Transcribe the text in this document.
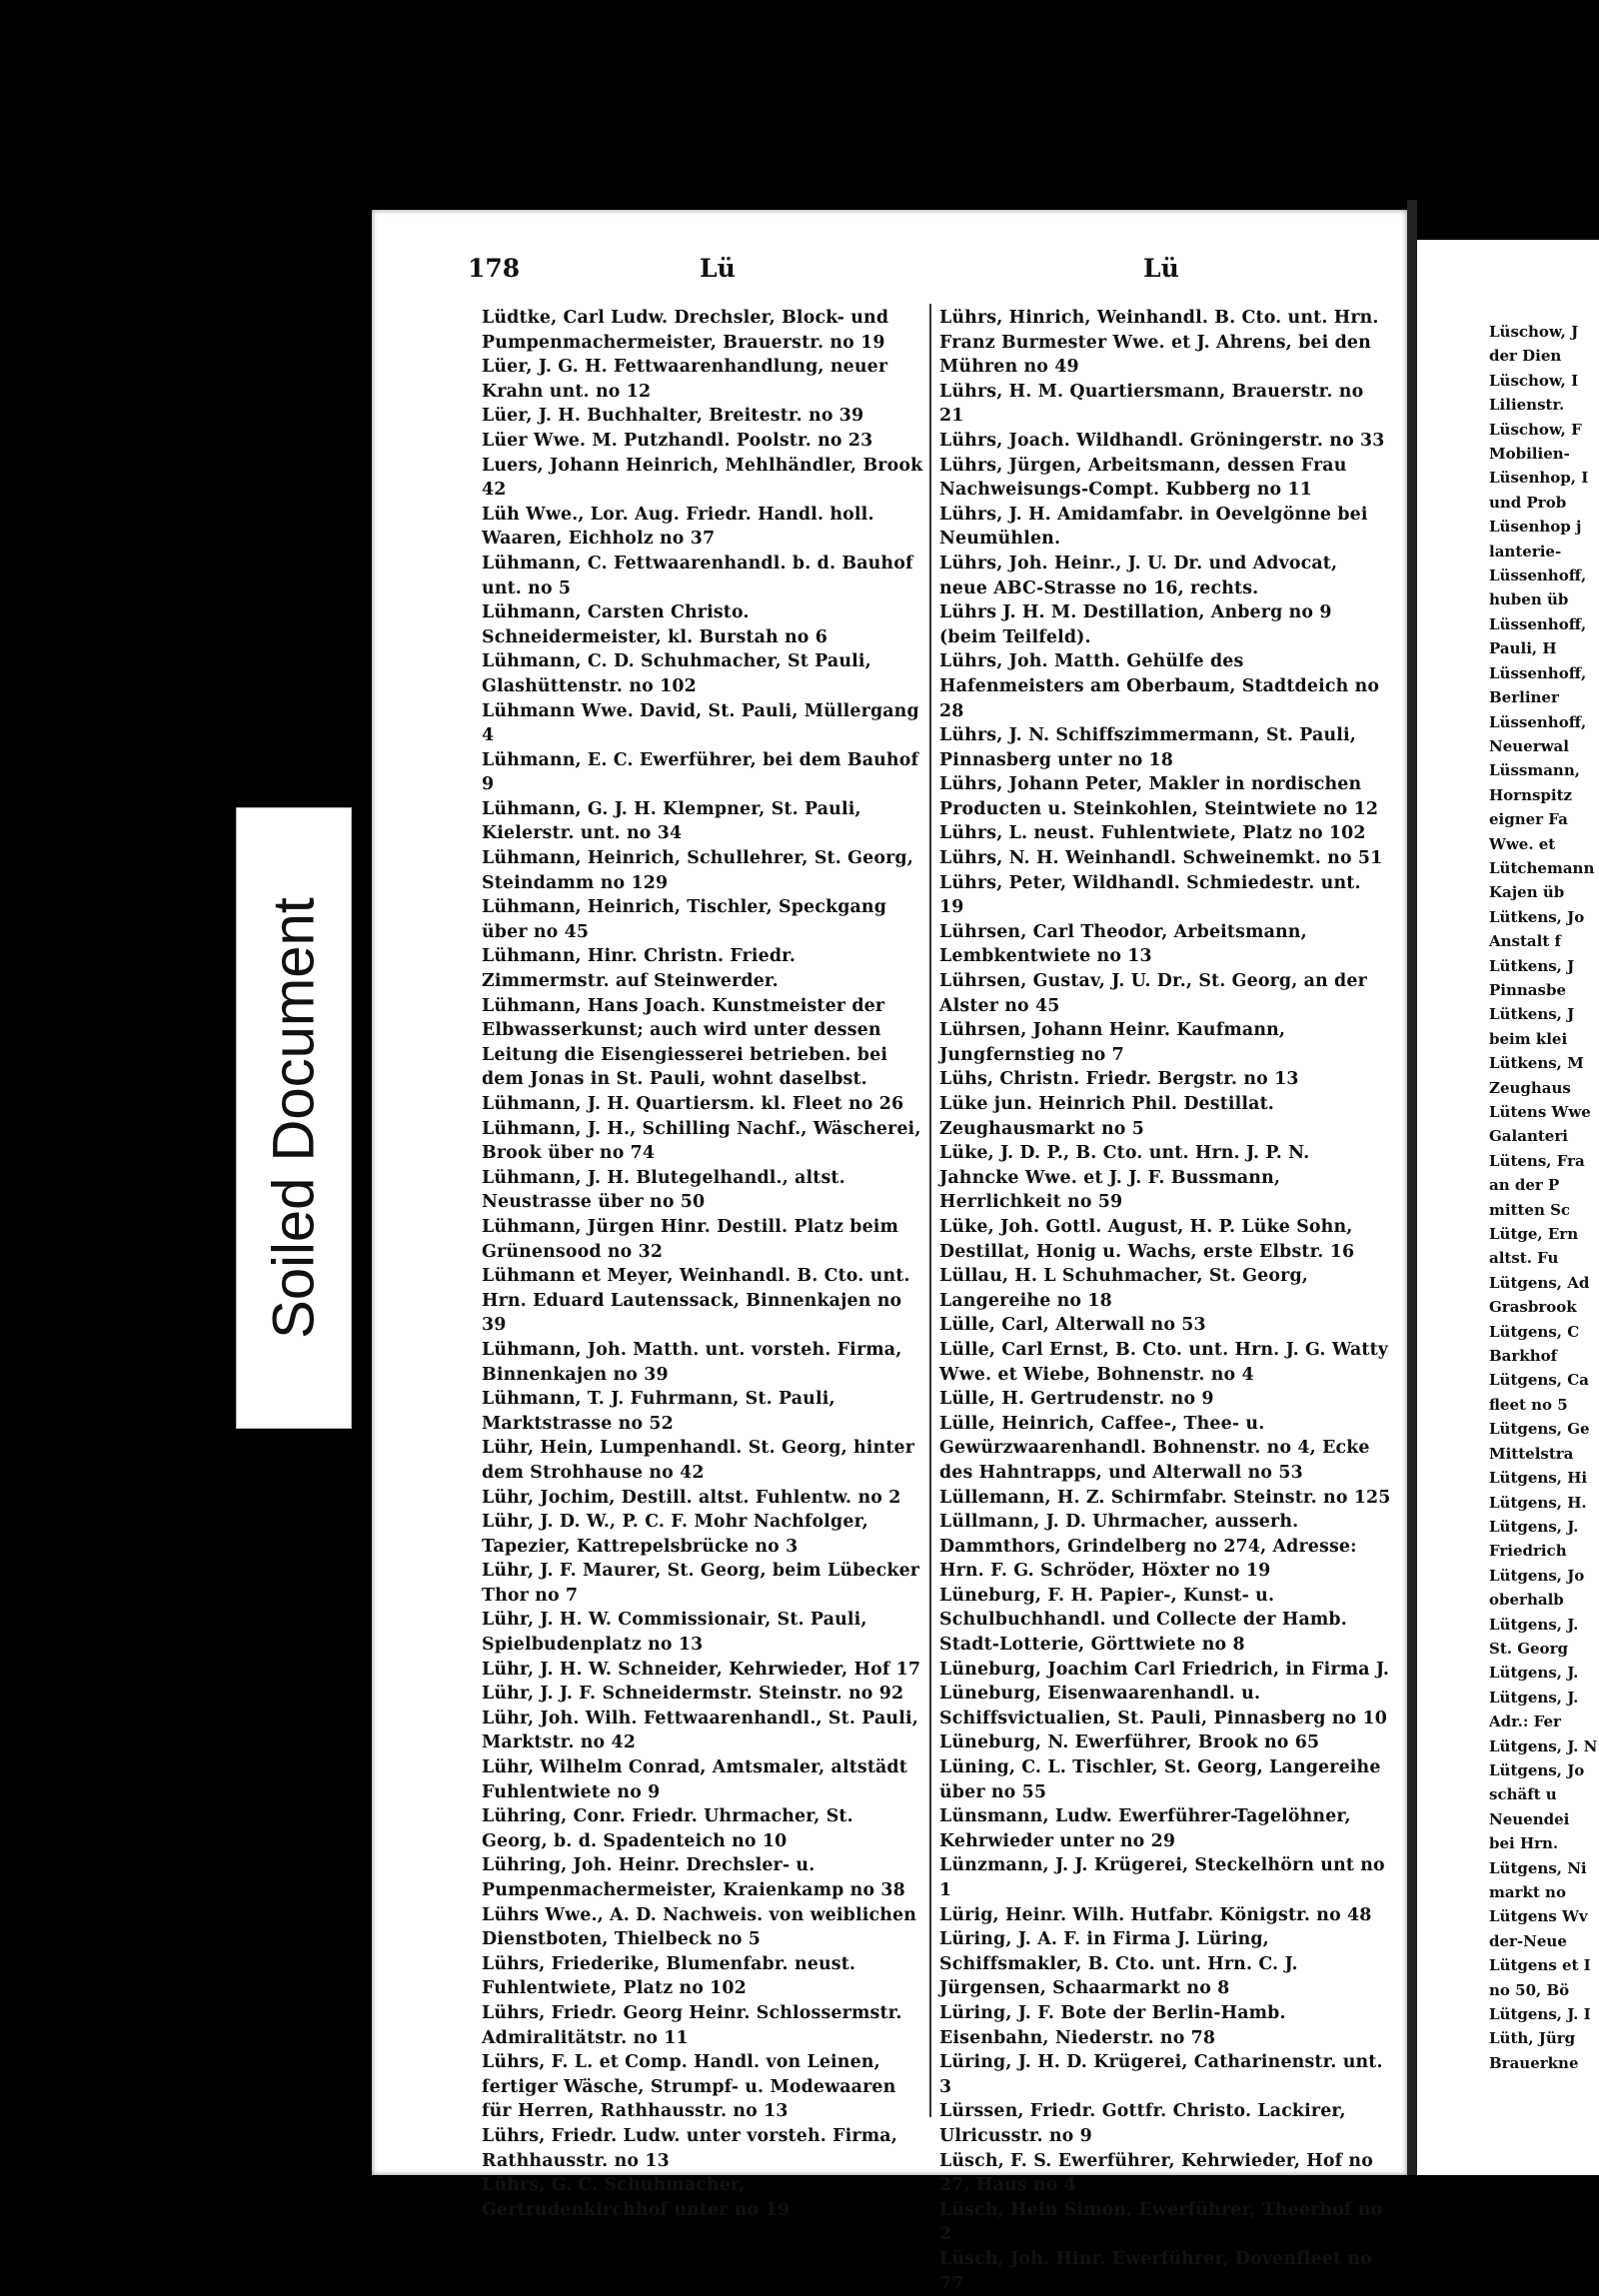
Soiled Document
178	Lü	Lü
Lüdtke, Carl Ludw. Drechsler, Block- und Pumpenmachermeister, Brauerstr. no 19
Lüer, J. G. H. Fettwaarenhandlung, neuer Krahn unt. no 12
Lüer, J. H. Buchhalter, Breitestr. no 39
Lüer Wwe. M. Putzhandl. Poolstr. no 23
Luers, Johann Heinrich, Mehlhändler, Brook 42
Lüh Wwe., Lor. Aug. Friedr. Handl. holl. Waaren, Eichholz no 37
Lühmann, C. Fettwaarenhandl. b. d. Bauhof unt. no 5
Lühmann, Carsten Christo. Schneidermeister, kl. Burstah no 6
Lühmann, C. D. Schuhmacher, St Pauli, Glashüttenstr. no 102
Lühmann Wwe. David, St. Pauli, Müllergang 4
Lühmann, E. C. Ewerführer, bei dem Bauhof 9
Lühmann, G. J. H. Klempner, St. Pauli, Kielerstr. unt. no 34
Lühmann, Heinrich, Schullehrer, St. Georg, Steindamm no 129
Lühmann, Heinrich, Tischler, Speckgang über no 45
Lühmann, Hinr. Christn. Friedr. Zimmermstr. auf Steinwerder.
Lühmann, Hans Joach. Kunstmeister der Elbwasserkunst; auch wird unter dessen Leitung die Eisengiesserei betrieben. bei dem Jonas in St. Pauli, wohnt daselbst.
Lühmann, J. H. Quartiersm. kl. Fleet no 26
Lühmann, J. H., Schilling Nachf., Wäscherei, Brook über no 74
Lühmann, J. H. Blutegelhandl., altst. Neustrasse über no 50
Lühmann, Jürgen Hinr. Destill. Platz beim Grünensood no 32
Lühmann et Meyer, Weinhandl. B. Cto. unt. Hrn. Eduard Lautenssack, Binnenkajen no 39
Lühmann, Joh. Matth. unt. vorsteh. Firma, Binnenkajen no 39
Lühmann, T. J. Fuhrmann, St. Pauli, Marktstrasse no 52
Lühr, Hein, Lumpenhandl. St. Georg, hinter dem Strohhause no 42
Lühr, Jochim, Destill. altst. Fuhlentw. no 2
Lühr, J. D. W., P. C. F. Mohr Nachfolger, Tapezier, Kattrepelsbrücke no 3
Lühr, J. F. Maurer, St. Georg, beim Lübecker Thor no 7
Lühr, J. H. W. Commissionair, St. Pauli, Spielbudenplatz no 13
Lühr, J. H. W. Schneider, Kehrwieder, Hof 17
Lühr, J. J. F. Schneidermstr. Steinstr. no 92
Lühr, Joh. Wilh. Fettwaarenhandl., St. Pauli, Marktstr. no 42
Lühr, Wilhelm Conrad, Amtsmaler, altstädt Fuhlentwiete no 9
Lühring, Conr. Friedr. Uhrmacher, St. Georg, b. d. Spadenteich no 10
Lühring, Joh. Heinr. Drechsler- u. Pumpenmachermeister, Kraienkamp no 38
Lührs Wwe., A. D. Nachweis. von weiblichen Dienstboten, Thielbeck no 5
Lührs, Friederike, Blumenfabr. neust. Fuhlentwiete, Platz no 102
Lührs, Friedr. Georg Heinr. Schlossermstr. Admiralitätstr. no 11
Lührs, F. L. et Comp. Handl. von Leinen, fertiger Wäsche, Strumpf- u. Modewaaren für Herren, Rathhausstr. no 13
Lührs, Friedr. Ludw. unter vorsteh. Firma, Rathhausstr. no 13
Lührs, G. C. Schuhmacher, Gertrudenkirchhof unter no 19
Lührs, Hinrich, Weinhandl. B. Cto. unt. Hrn. Franz Burmester Wwe. et J. Ahrens, bei den Mühren no 49
Lührs, H. M. Quartiersmann, Brauerstr. no 21
Lührs, Joach. Wildhandl. Gröningerstr. no 33
Lührs, Jürgen, Arbeitsmann, dessen Frau Nachweisungs-Compt. Kubberg no 11
Lührs, J. H. Amidamfabr. in Oevelgönne bei Neumühlen.
Lührs, Joh. Heinr., J. U. Dr. und Advocat, neue ABC-Strasse no 16, rechts.
Lührs J. H. M. Destillation, Anberg no 9 (beim Teilfeld).
Lührs, Joh. Matth. Gehülfe des Hafenmeisters am Oberbaum, Stadtdeich no 28
Lührs, J. N. Schiffszimmermann, St. Pauli, Pinnasberg unter no 18
Lührs, Johann Peter, Makler in nordischen Producten u. Steinkohlen, Steintwiete no 12
Lührs, L. neust. Fuhlentwiete, Platz no 102
Lührs, N. H. Weinhandl. Schweinemkt. no 51
Lührs, Peter, Wildhandl. Schmiedestr. unt. 19
Lührsen, Carl Theodor, Arbeitsmann, Lembkentwiete no 13
Lührsen, Gustav, J. U. Dr., St. Georg, an der Alster no 45
Lührsen, Johann Heinr. Kaufmann, Jungfernstieg no 7
Lühs, Christn. Friedr. Bergstr. no 13
Lüke jun. Heinrich Phil. Destillat. Zeughausmarkt no 5
Lüke, J. D. P., B. Cto. unt. Hrn. J. P. N. Jahncke Wwe. et J. J. F. Bussmann, Herrlichkeit no 59
Lüke, Joh. Gottl. August, H. P. Lüke Sohn, Destillat, Honig u. Wachs, erste Elbstr. 16
Lüllau, H. L Schuhmacher, St. Georg, Langereihe no 18
Lülle, Carl, Alterwall no 53
Lülle, Carl Ernst, B. Cto. unt. Hrn. J. G. Watty Wwe. et Wiebe, Bohnenstr. no 4
Lülle, H. Gertrudenstr. no 9
Lülle, Heinrich, Caffee-, Thee- u. Gewürzwaarenhandl. Bohnenstr. no 4, Ecke des Hahntrapps, und Alterwall no 53
Lüllemann, H. Z. Schirmfabr. Steinstr. no 125
Lüllmann, J. D. Uhrmacher, ausserh. Dammthors, Grindelberg no 274, Adresse: Hrn. F. G. Schröder, Höxter no 19
Lüneburg, F. H. Papier-, Kunst- u. Schulbuchhandl. und Collecte der Hamb. Stadt-Lotterie, Görttwiete no 8
Lüneburg, Joachim Carl Friedrich, in Firma J. Lüneburg, Eisenwaarenhandl. u. Schiffsvictualien, St. Pauli, Pinnasberg no 10
Lüneburg, N. Ewerführer, Brook no 65
Lüning, C. L. Tischler, St. Georg, Langereihe über no 55
Lünsmann, Ludw. Ewerführer-Tagelöhner, Kehrwieder unter no 29
Lünzmann, J. J. Krügerei, Steckelhörn unt no 1
Lürig, Heinr. Wilh. Hutfabr. Königstr. no 48
Lüring, J. A. F. in Firma J. Lüring, Schiffsmakler, B. Cto. unt. Hrn. C. J. Jürgensen, Schaarmarkt no 8
Lüring, J. F. Bote der Berlin-Hamb. Eisenbahn, Niederstr. no 78
Lüring, J. H. D. Krügerei, Catharinenstr. unt. 3
Lürssen, Friedr. Gottfr. Christo. Lackirer, Ulricusstr. no 9
Lüsch, F. S. Ewerführer, Kehrwieder, Hof no 27, Haus no 4
Lüsch, Hein Simon, Ewerführer, Theerhof no 2
Lüsch, Joh. Hinr. Ewerführer, Dovenfleet no 77
Lüschow, J
der Dien
Lüschow, I
Lilienstr.
Lüschow, F
Mobilien-
Lüsenhop, I
und Prob
Lüsenhop j
lanterie-
Lüssenhoff,
huben üb
Lüssenhoff,
Pauli, H
Lüssenhoff,
Berliner
Lüssenhoff,
Neuerwal
Lüssmann,
Hornspitz
eigner Fa
Wwe. et
Lütchemann
Kajen üb
Lütkens, Jo
Anstalt f
Lütkens, J
Pinnasbe
Lütkens, J
beim klei
Lütkens, M
Zeughaus
Lütens Wwe
Galanteri
Lütens, Fra
an der P
mitten Sc
Lütge, Ern
altst. Fu
Lütgens, Ad
Grasbrook
Lütgens, C
Barkhof
Lütgens, Ca
fleet no 5
Lütgens, Ge
Mittelstra
Lütgens, Hi
Lütgens, H.
Lütgens, J.
Friedrich
Lütgens, Jo
oberhalb
Lütgens, J.
St. Georg
Lütgens, J.
Lütgens, J.
Adr.: Fer
Lütgens, J. N
Lütgens, Jo
schäft u
Neuendei
bei Hrn.
Lütgens, Ni
markt no
Lütgens Wv
der-Neue
Lütgens et I
no 50, Bö
Lütgens, J. I
Lüth, Jürg
Brauerkne
